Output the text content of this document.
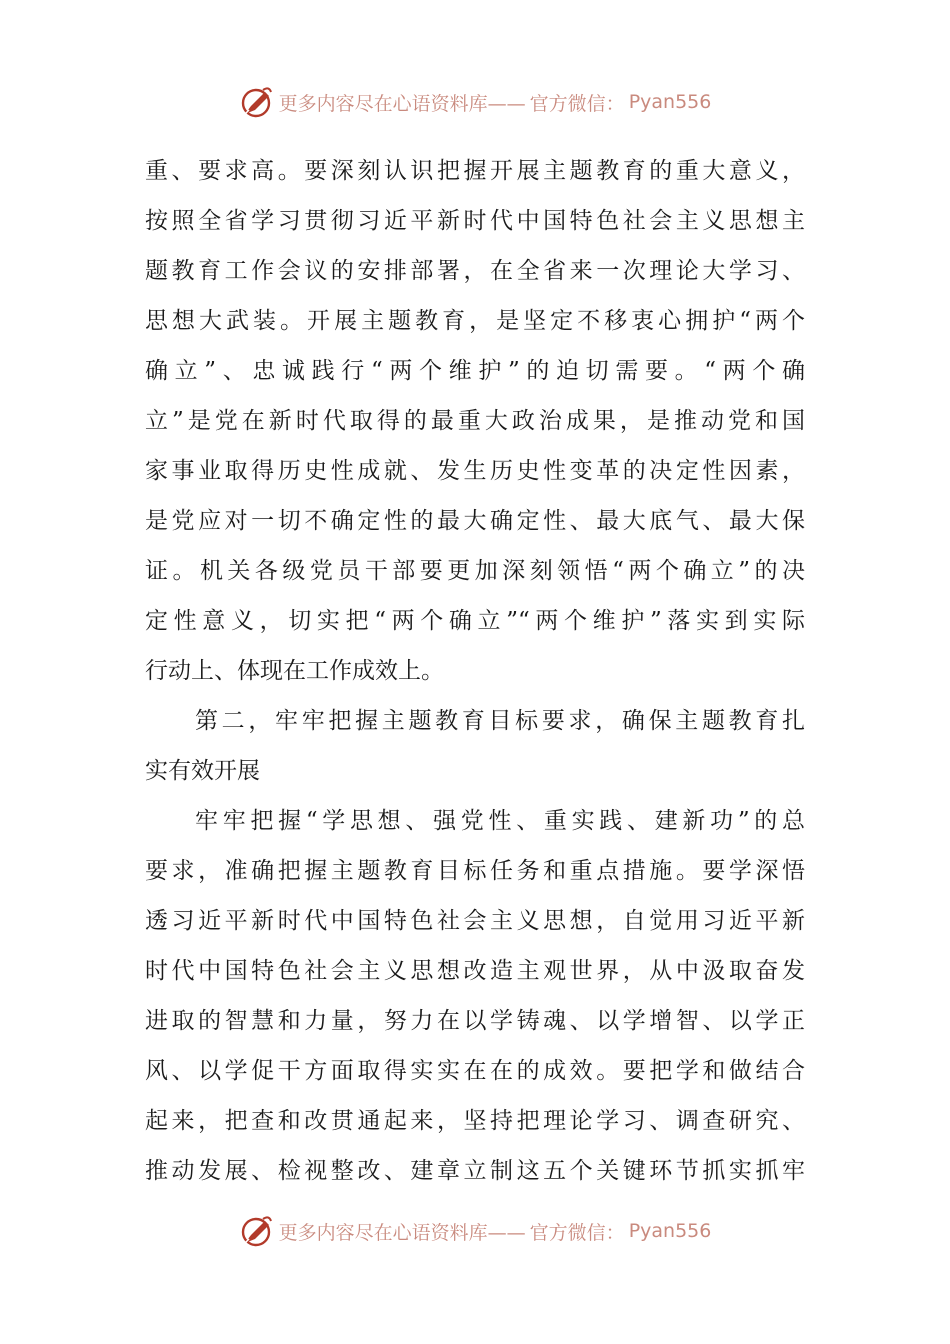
更多内容尽在心语资料库—— 官方微信： Pyan556
重、要求高。要深刻认识把握开展主题教育的重大意义，
按照全省学习贯彻习近平新时代中国特色社会主义思想主
题教育工作会议的安排部署，在全省来一次理论大学习、
思想大武装。开展主题教育，是坚定不移衷心拥护“两个
确立”、忠诚践行“两个维护”的迫切需要。“两个确
立”是党在新时代取得的最重大政治成果，是推动党和国
家事业取得历史性成就、发生历史性变革的决定性因素，
是党应对一切不确定性的最大确定性、最大底气、最大保
证。机关各级党员干部要更加深刻领悟“两个确立”的决
定性意义，切实把“两个确立”“两个维护”落实到实际
行动上、体现在工作成效上。
第二，牢牢把握主题教育目标要求，确保主题教育扎
实有效开展
牢牢把握“学思想、强党性、重实践、建新功”的总
要求，准确把握主题教育目标任务和重点措施。要学深悟
透习近平新时代中国特色社会主义思想，自觉用习近平新
时代中国特色社会主义思想改造主观世界，从中汲取奋发
进取的智慧和力量，努力在以学铸魂、以学增智、以学正
风、以学促干方面取得实实在在的成效。要把学和做结合
起来，把查和改贯通起来，坚持把理论学习、调查研究、
推动发展、检视整改、建章立制这五个关键环节抓实抓牢
更多内容尽在心语资料库—— 官方微信： Pyan556
